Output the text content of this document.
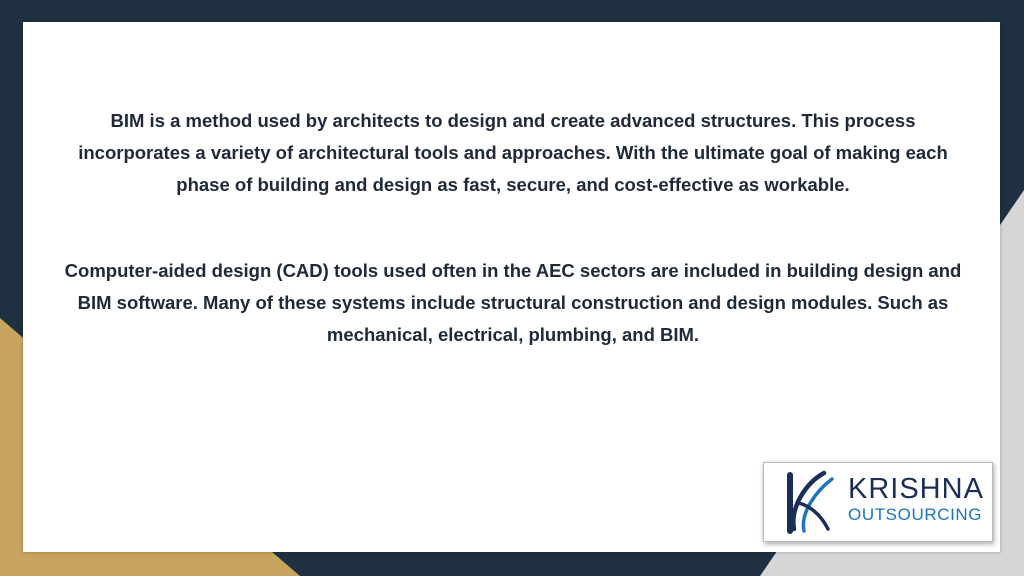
BIM is a method used by architects to design and create advanced structures. This process incorporates a variety of architectural tools and approaches. With the ultimate goal of making each phase of building and design as fast, secure, and cost-effective as workable.

Computer-aided design (CAD) tools used often in the AEC sectors are included in building design and BIM software. Many of these systems include structural construction and design modules. Such as mechanical, electrical, plumbing, and BIM.

KRISHNA
OUTSOURCING
